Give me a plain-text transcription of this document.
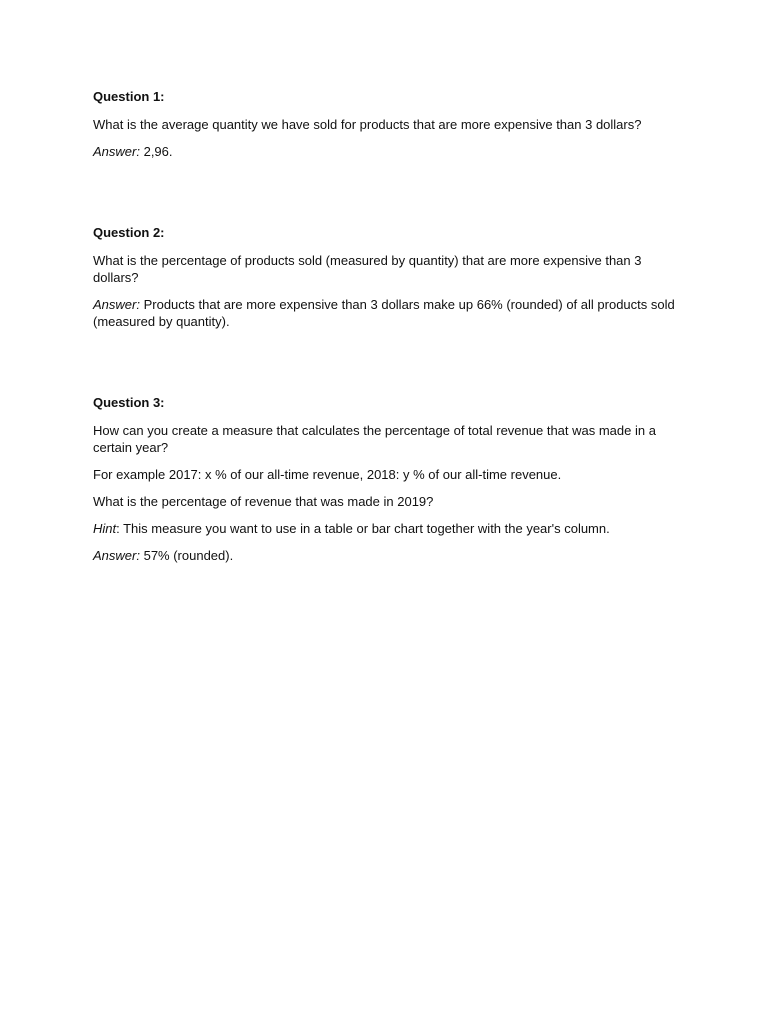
Question 1:

What is the average quantity we have sold for products that are more expensive than 3 dollars?

Answer: 2,96.

Question 2:

What is the percentage of products sold (measured by quantity) that are more expensive than 3 dollars?

Answer: Products that are more expensive than 3 dollars make up 66% (rounded) of all products sold (measured by quantity).

Question 3:

How can you create a measure that calculates the percentage of total revenue that was made in a certain year?

For example 2017: x % of our all-time revenue, 2018: y % of our all-time revenue.

What is the percentage of revenue that was made in 2019?

Hint: This measure you want to use in a table or bar chart together with the year's column.

Answer: 57% (rounded).
